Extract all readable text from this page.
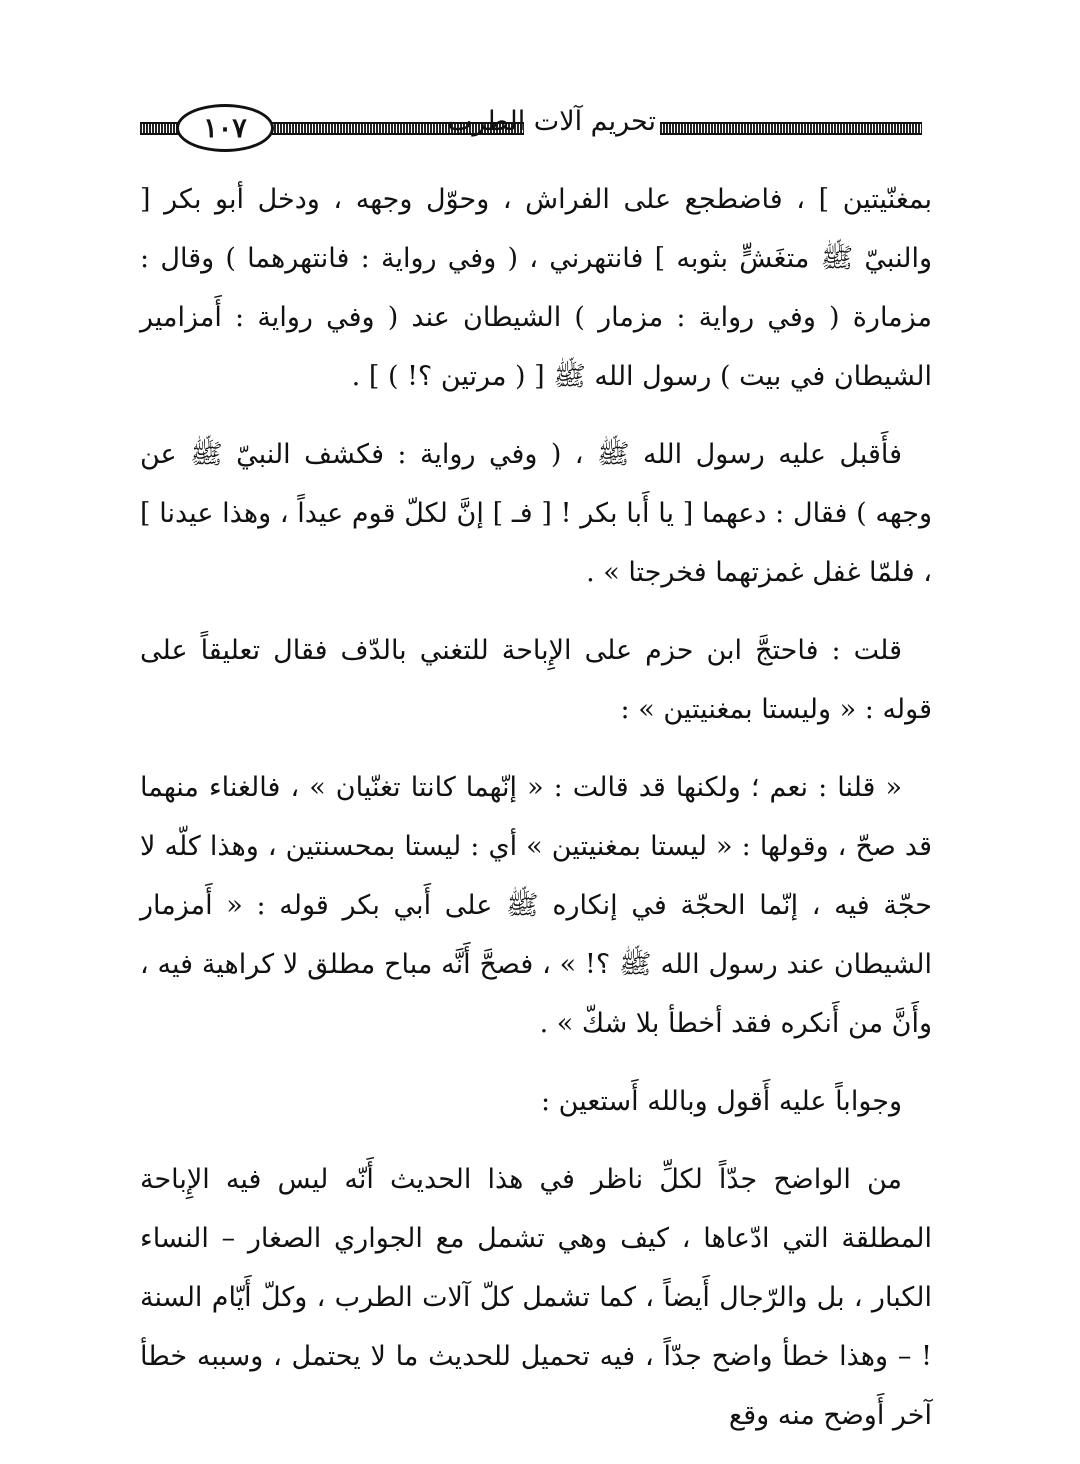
١٠٧	تحريم آلات الطرب

بمغنّيتين ] ، فاضطجع على الفراش ، وحوّل وجهه ، ودخل أبو بكر [ والنبيّ ﷺ متغَشٍّ بثوبه ] فانتهرني ، ( وفي رواية : فانتهرهما ) وقال : مزمارة ( وفي رواية : مزمار ) الشيطان عند ( وفي رواية : أَمزامير الشيطان في بيت ) رسول الله ﷺ [ ( مرتين ؟! ) ] .

فأَقبل عليه رسول الله ﷺ ، ( وفي رواية : فكشف النبيّ ﷺ عن وجهه ) فقال : دعهما [ يا أَبا بكر ! [ فـ ] إنَّ لكلّ قوم عيداً ، وهذا عيدنا ] ، فلمّا غفل غمزتهما فخرجتا » .

قلت : فاحتجَّ ابن حزم على الإِباحة للتغني بالدّف فقال تعليقاً على قوله : « وليستا بمغنيتين » :

« قلنا : نعم ؛ ولكنها قد قالت : « إنّهما كانتا تغنّيان » ، فالغناء منهما قد صحّ ، وقولها : « ليستا بمغنيتين » أي : ليستا بمحسنتين ، وهذا كلّه لا حجّة فيه ، إنّما الحجّة في إنكاره ﷺ على أَبي بكر قوله : « أَمزمار الشيطان عند رسول الله ﷺ ؟! » ، فصحَّ أَنَّه مباح مطلق لا كراهية فيه ، وأَنَّ من أَنكره فقد أخطأ بلا شكّ » .

وجواباً عليه أَقول وبالله أَستعين :

من الواضح جدّاً لكلِّ ناظر في هذا الحديث أَنّه ليس فيه الإِباحة المطلقة التي ادّعاها ، كيف وهي تشمل مع الجواري الصغار – النساء الكبار ، بل والرّجال أَيضاً ، كما تشمل كلّ آلات الطرب ، وكلّ أَيّام السنة ! – وهذا خطأ واضح جدّاً ، فيه تحميل للحديث ما لا يحتمل ، وسببه خطأ آخر أَوضح منه وقع
